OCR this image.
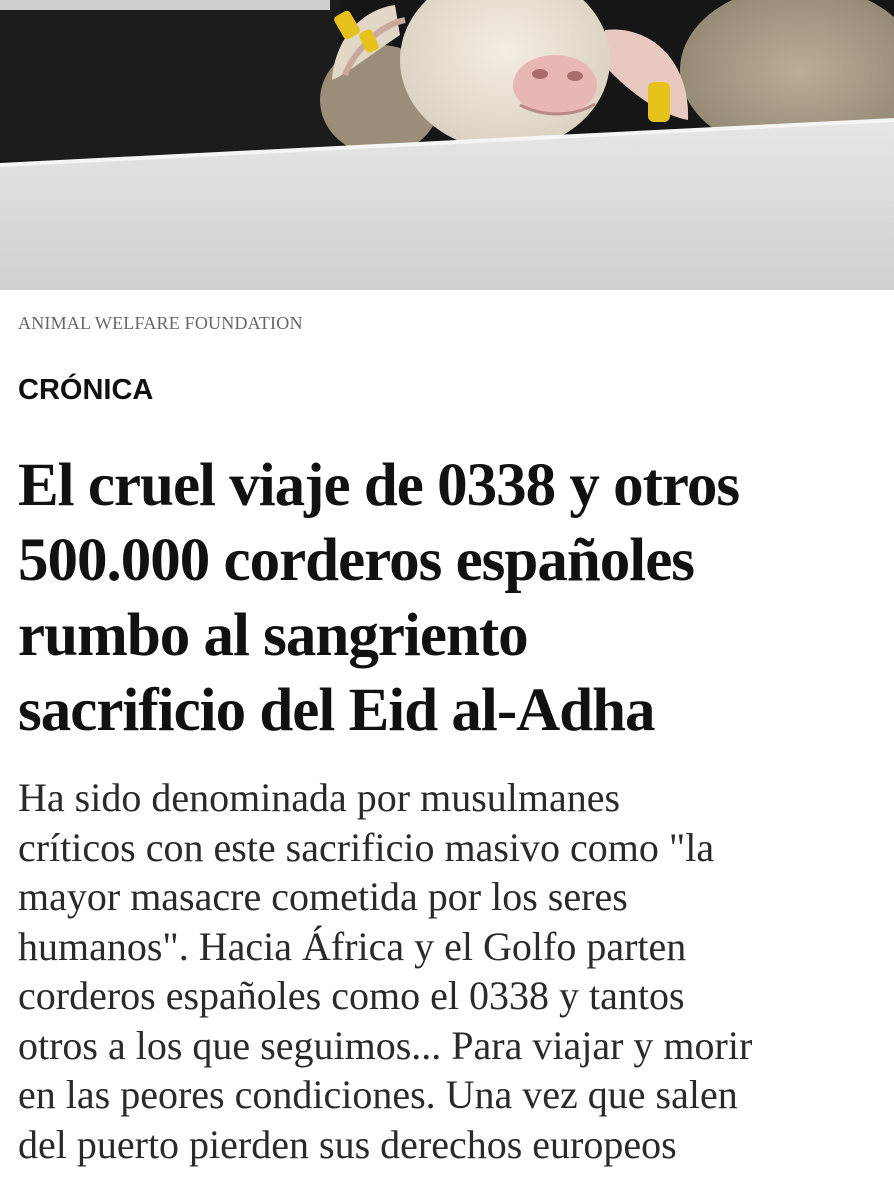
ANIMAL WELFARE FOUNDATION
CRÓNICA
El cruel viaje de 0338 y otros
500.000 corderos españoles
rumbo al sangriento
sacrificio del Eid al-Adha

Ha sido denominada por musulmanes
críticos con este sacrificio masivo como "la
mayor masacre cometida por los seres
humanos". Hacia África y el Golfo parten
corderos españoles como el 0338 y tantos
otros a los que seguimos... Para viajar y morir
en las peores condiciones. Una vez que salen
del puerto pierden sus derechos europeos
